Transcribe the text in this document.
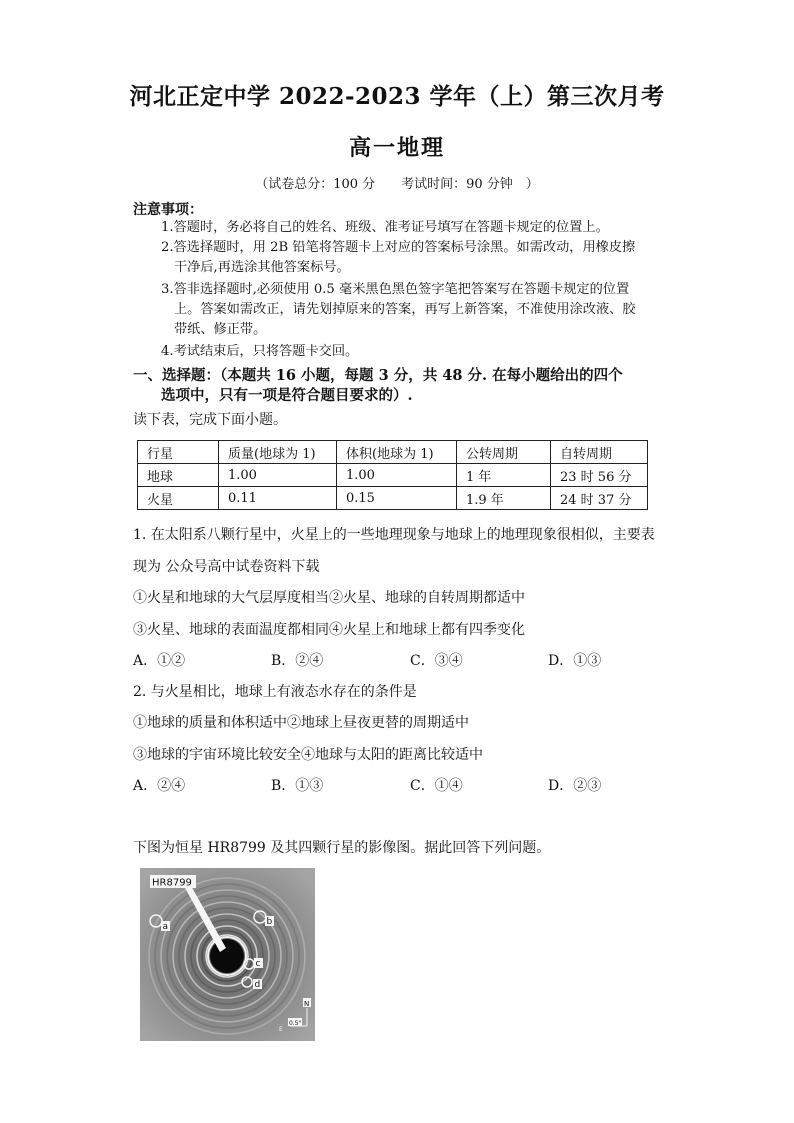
河北正定中学 2022-2023 学年（上）第三次月考
高一地理
（试卷总分：100 分　　考试时间：90 分钟　）
注意事项：
1.答题时，务必将自己的姓名、班级、准考证号填写在答题卡规定的位置上。
2.答选择题时，用 2B 铅笔将答题卡上对应的答案标号涂黑。如需改动，用橡皮擦
干净后,再选涂其他答案标号。
3.答非选择题时,必须使用 0.5 毫米黑色黑色签字笔把答案写在答题卡规定的位置
上。答案如需改正，请先划掉原来的答案，再写上新答案，不准使用涂改液、胶
带纸、修正带。
4.考试结束后，只将答题卡交回。
一、选择题：（本题共 16 小题，每题 3 分，共 48 分. 在每小题给出的四个
选项中，只有一项是符合题目要求的）.
读下表，完成下面小题。
行星	质量(地球为 1)	体积(地球为 1)	公转周期	自转周期
地球	1.00	1.00	1 年	23 时 56 分
火星	0.11	0.15	1.9 年	24 时 37 分
1. 在太阳系八颗行星中，火星上的一些地理现象与地球上的地理现象很相似，主要表
现为 公众号高中试卷资料下载
①火星和地球的大气层厚度相当②火星、地球的自转周期都适中
③火星、地球的表面温度都相同④火星上和地球上都有四季变化
A．①②	B．②④	C．③④	D．①③
2. 与火星相比，地球上有液态水存在的条件是
①地球的质量和体积适中②地球上昼夜更替的周期适中
③地球的宇宙环境比较安全④地球与太阳的距离比较适中
A．②④	B．①③	C．①④	D．②③
下图为恒星 HR8799 及其四颗行星的影像图。据此回答下列问题。
HR8799
a	b
c
d
N
E
0.5"
